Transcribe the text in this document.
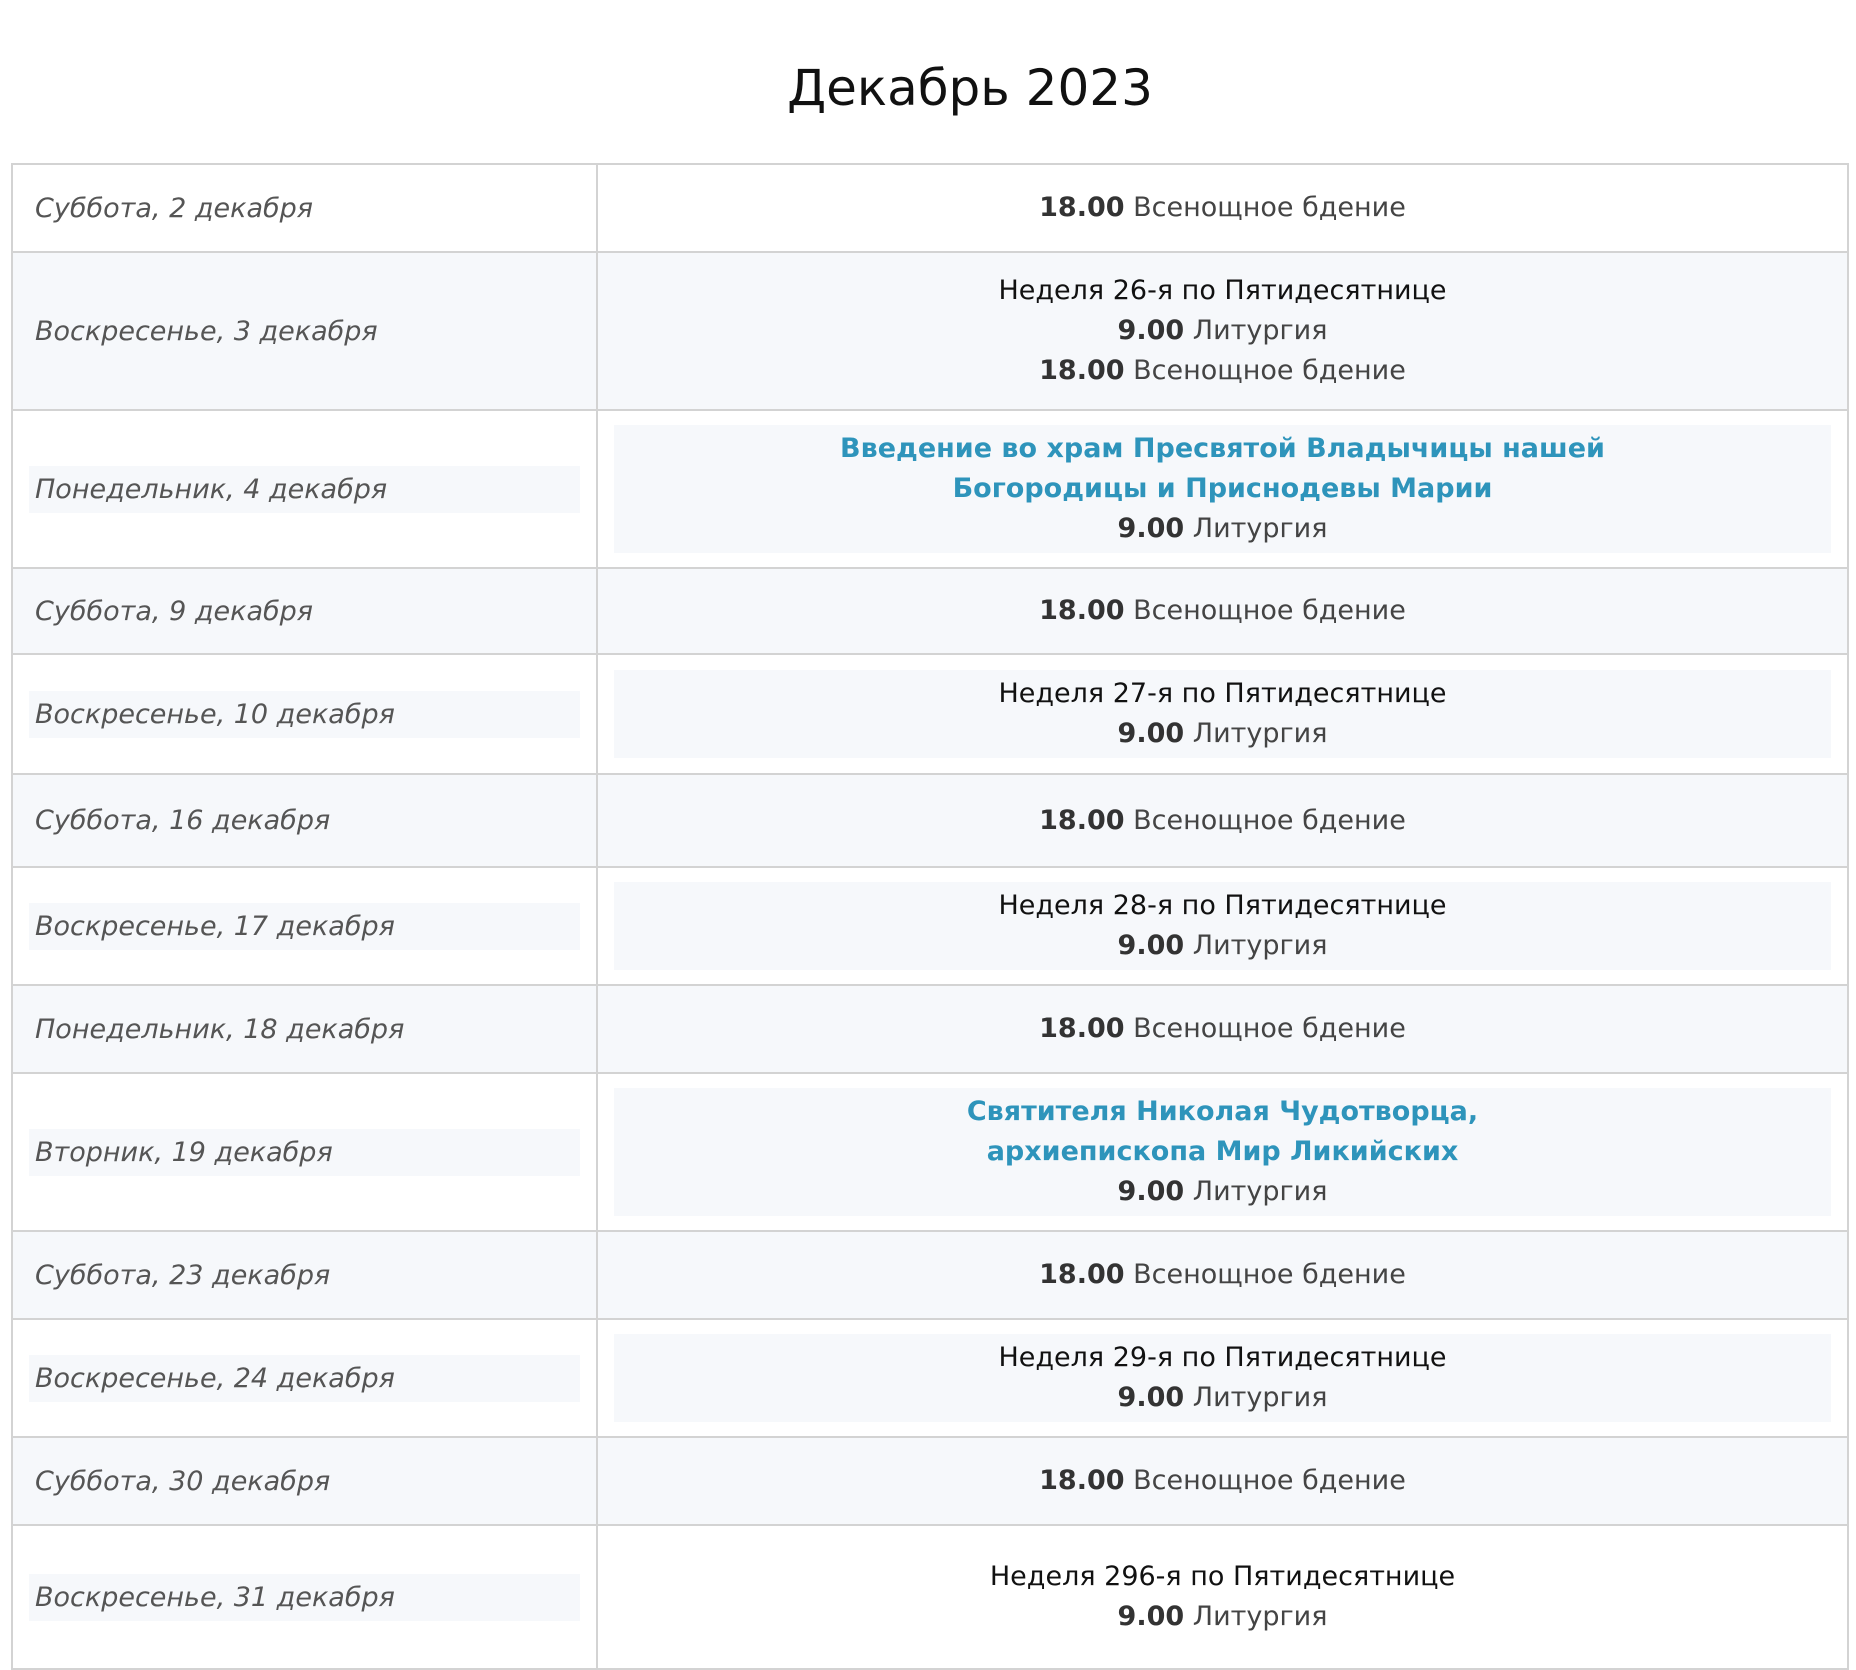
Декабрь 2023
Суббота, 2 декабря	18.00 Всенощное бдение

Воскресенье, 3 декабря	Неделя 26-я по Пятидесятнице
9.00 Литургия
18.00 Всенощное бдение

Понедельник, 4 декабря	Введение во храм Пресвятой Владычицы нашей
Богородицы и Приснодевы Марии
9.00 Литургия

Суббота, 9 декабря	18.00 Всенощное бдение

Воскресенье, 10 декабря	Неделя 27-я по Пятидесятнице
9.00 Литургия

Суббота, 16 декабря	18.00 Всенощное бдение

Воскресенье, 17 декабря	Неделя 28-я по Пятидесятнице
9.00 Литургия

Понедельник, 18 декабря	18.00 Всенощное бдение

Вторник, 19 декабря	Святителя Николая Чудотворца,
архиепископа Мир Ликийских
9.00 Литургия

Суббота, 23 декабря	18.00 Всенощное бдение

Воскресенье, 24 декабря	Неделя 29-я по Пятидесятнице
9.00 Литургия

Суббота, 30 декабря	18.00 Всенощное бдение

Воскресенье, 31 декабря	Неделя 296-я по Пятидесятнице
9.00 Литургия
